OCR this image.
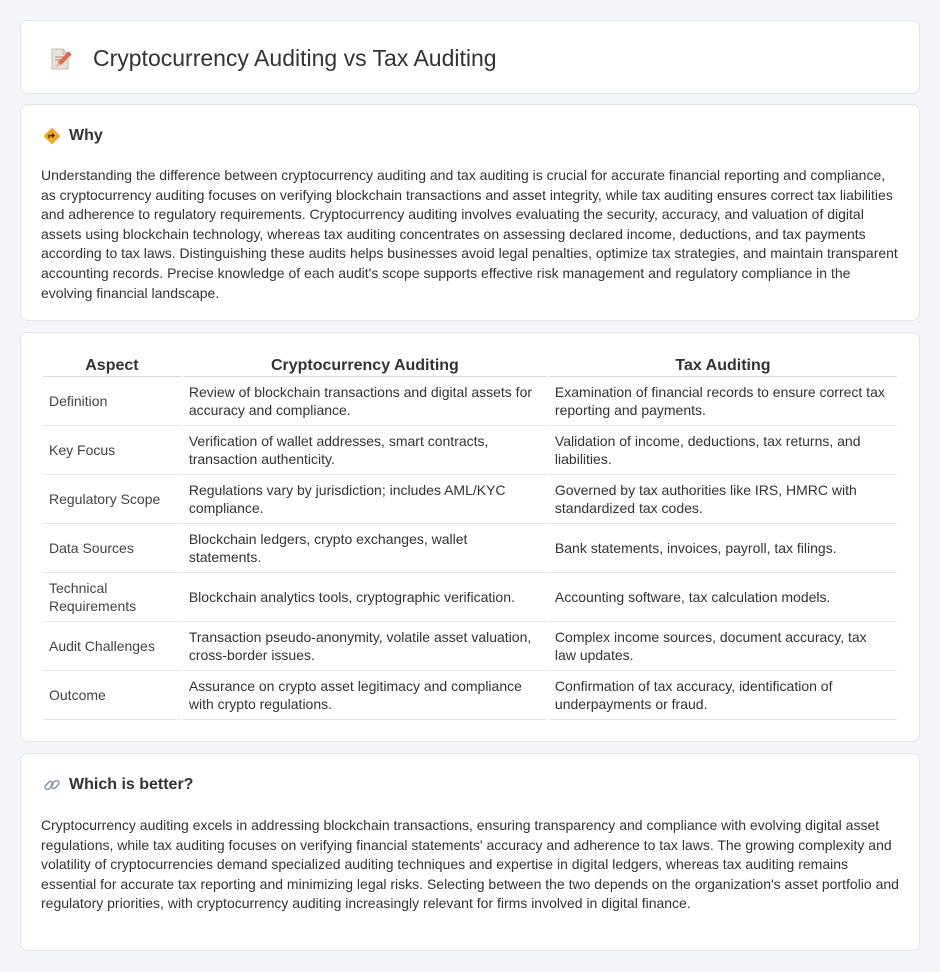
Cryptocurrency Auditing vs Tax Auditing
Why

Understanding the difference between cryptocurrency auditing and tax auditing is crucial for accurate financial reporting and compliance, as cryptocurrency auditing focuses on verifying blockchain transactions and asset integrity, while tax auditing ensures correct tax liabilities and adherence to regulatory requirements. Cryptocurrency auditing involves evaluating the security, accuracy, and valuation of digital assets using blockchain technology, whereas tax auditing concentrates on assessing declared income, deductions, and tax payments according to tax laws. Distinguishing these audits helps businesses avoid legal penalties, optimize tax strategies, and maintain transparent accounting records. Precise knowledge of each audit's scope supports effective risk management and regulatory compliance in the evolving financial landscape.

Aspect	Cryptocurrency Auditing	Tax Auditing
Definition	Review of blockchain transactions and digital assets for accuracy and compliance.	Examination of financial records to ensure correct tax reporting and payments.
Key Focus	Verification of wallet addresses, smart contracts, transaction authenticity.	Validation of income, deductions, tax returns, and liabilities.
Regulatory Scope	Regulations vary by jurisdiction; includes AML/KYC compliance.	Governed by tax authorities like IRS, HMRC with standardized tax codes.
Data Sources	Blockchain ledgers, crypto exchanges, wallet statements.	Bank statements, invoices, payroll, tax filings.
Technical Requirements	Blockchain analytics tools, cryptographic verification.	Accounting software, tax calculation models.
Audit Challenges	Transaction pseudo-anonymity, volatile asset valuation, cross-border issues.	Complex income sources, document accuracy, tax law updates.
Outcome	Assurance on crypto asset legitimacy and compliance with crypto regulations.	Confirmation of tax accuracy, identification of underpayments or fraud.
Which is better?

Cryptocurrency auditing excels in addressing blockchain transactions, ensuring transparency and compliance with evolving digital asset regulations, while tax auditing focuses on verifying financial statements' accuracy and adherence to tax laws. The growing complexity and volatility of cryptocurrencies demand specialized auditing techniques and expertise in digital ledgers, whereas tax auditing remains essential for accurate tax reporting and minimizing legal risks. Selecting between the two depends on the organization's asset portfolio and regulatory priorities, with cryptocurrency auditing increasingly relevant for firms involved in digital finance.
